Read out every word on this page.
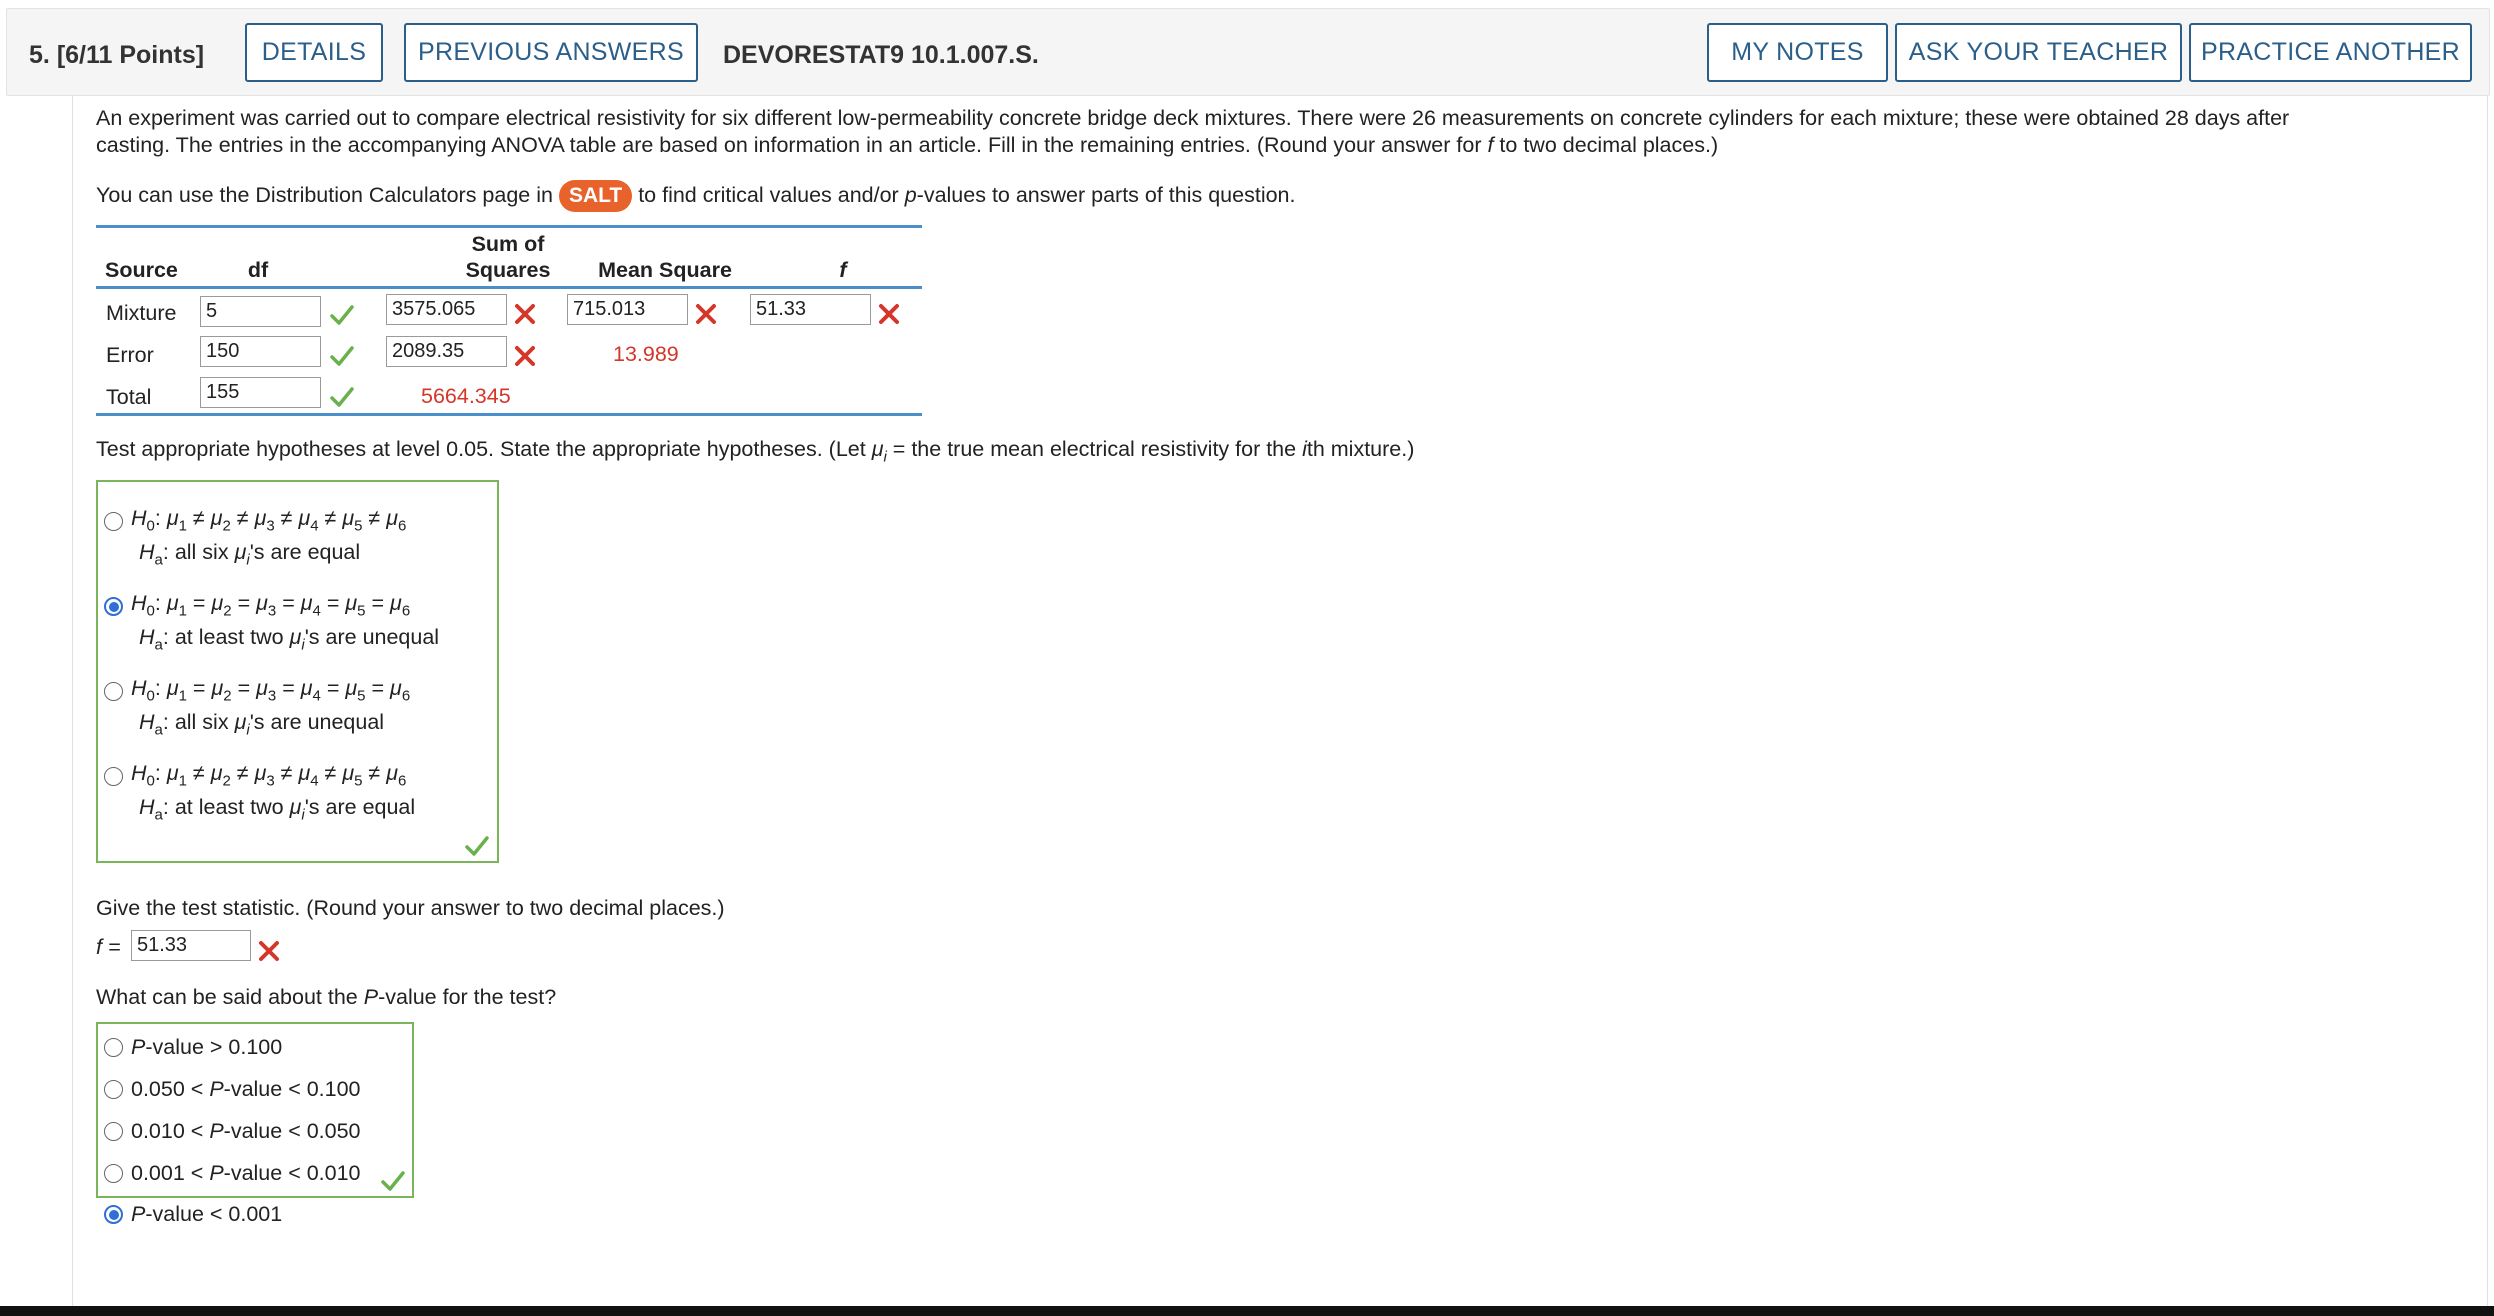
5. [6/11 Points]	DETAILS	PREVIOUS ANSWERS	DEVORESTAT9 10.1.007.S.	MY NOTES	ASK YOUR TEACHER	PRACTICE ANOTHER
An experiment was carried out to compare electrical resistivity for six different low-permeability concrete bridge deck mixtures. There were 26 measurements on concrete cylinders for each mixture; these were obtained 28 days after
casting. The entries in the accompanying ANOVA table are based on information in an article. Fill in the remaining entries. (Round your answer for f to two decimal places.)
You can use the Distribution Calculators page in SALT to find critical values and/or p-values to answer parts of this question.
Source	df
Sum of
Squares	Mean Square	f
Mixture	5	3575.065	715.013	51.33
Error	150	2089.35	13.989
Total	155	5664.345
Test appropriate hypotheses at level 0.05. State the appropriate hypotheses. (Let $\mu_i$ = the true mean electrical resistivity for the ith mixture.)
$H_0$: $\mu_1 \ne \mu_2 \ne \mu_3 \ne \mu_4 \ne \mu_5 \ne \mu_6$
$H_a$: all six $\mu_i's$ are equal
$H_0$: $\mu_1 = \mu_2 = \mu_3 = \mu_4 = \mu_5 = \mu_6$
$H_a$: at least two $\mu_i's$ are unequal
$H_0$: $\mu_1 = \mu_2 = \mu_3 = \mu_4 = \mu_5 = \mu_6$
$H_a$: all six $\mu_i's$ are unequal
$H_0$: $\mu_1 \ne \mu_2 \ne \mu_3 \ne \mu_4 \ne \mu_5 \ne \mu_6$
$H_a$: at least two $\mu_i's$ are equal
Give the test statistic. (Round your answer to two decimal places.)
f = 51.33
What can be said about the P-value for the test?
P-value > 0.100
0.050 < P-value < 0.100
0.010 < P-value < 0.050
0.001 < P-value < 0.010
P-value < 0.001
